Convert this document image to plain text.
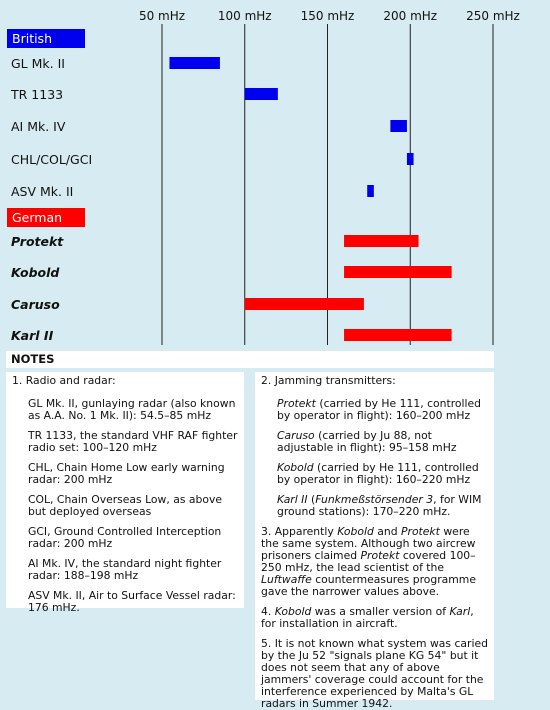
50 mHz	100 mHz 150 mHz 200 mHz 250 mHz
British
GL Mk. II
TR 1133
AI Mk. IV
CHL/COL/GCI
ASV Mk. II
German
Protekt
Kobold
Caruso
Karl II
NOTES

1. Radio and radar:

GL Mk. II, gunlaying radar (also known as A.A. No. 1 Mk. II): 54.5–85 mHz

TR 1133, the standard VHF RAF fighter radio set: 100–120 mHz

CHL, Chain Home Low early warning radar: 200 mHz

COL, Chain Overseas Low, as above but deployed overseas

GCI, Ground Controlled Interception radar: 200 mHz

AI Mk. IV, the standard night fighter radar: 188–198 mHz

ASV Mk. II, Air to Surface Vessel radar: 176 mHz.

2. Jamming transmitters:

Protekt (carried by He 111, controlled by operator in flight): 160–200 mHz

Caruso (carried by Ju 88, not adjustable in flight): 95–158 mHz

Kobold (carried by He 111, controlled by operator in flight): 160–220 mHz

Karl II (Funkmeßstörsender 3, for WIM ground stations): 170–220 mHz.

3. Apparently Kobold and Protekt were the same system. Although two aircrew prisoners claimed Protekt covered 100–250 mHz, the lead scientist of the Luftwaffe countermeasures programme gave the narrower values above.

4. Kobold was a smaller version of Karl, for installation in aircraft.

5. It is not known what system was caried by the Ju 52 "signals plane KG 54" but it does not seem that any of above jammers' coverage could account for the interference experienced by Malta's GL radars in Summer 1942.
